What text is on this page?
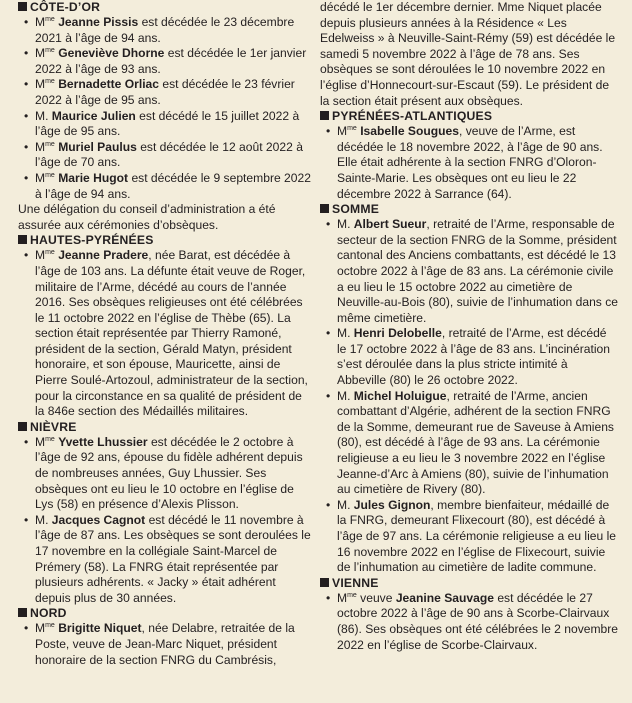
CÔTE-D’OR

• $M^{me}$ Jeanne Pissis est décédée le 23 décembre 2021 à l’âge de 94 ans.
• $M^{me}$ Geneviève Dhorne est décédée le 1er janvier 2022 à l’âge de 93 ans.
• $M^{me}$ Bernadette Orliac est décédée le 23 février 2022 à l’âge de 95 ans.
• M. Maurice Julien est décédé le 15 juillet 2022 à l’âge de 95 ans.
• $M^{me}$ Muriel Paulus est décédée le 12 août 2022 à l’âge de 70 ans.
• $M^{me}$ Marie Hugot est décédée le 9 septembre 2022 à l’âge de 94 ans.

Une délégation du conseil d’administration a été assurée aux cérémonies d’obsèques.

HAUTES-PYRÉNÉES

• $M^{me}$ Jeanne Pradere, née Barat, est décédée à l’âge de 103 ans. La défunte était veuve de Roger, militaire de l’Arme, décédé au cours de l’année 2016. Ses obsèques religieuses ont été célébrées le 11 octobre 2022 en l’église de Thèbe (65). La section était représentée par Thierry Ramoné, président de la section, Gérald Matyn, président honoraire, et son épouse, Mauricette, ainsi de Pierre Soulé-Artozoul, administrateur de la section, pour la circonstance en sa qualité de président de la 846e section des Médaillés militaires.

NIÈVRE

• $M^{me}$ Yvette Lhussier est décédée le 2 octobre à l’âge de 92 ans, épouse du fidèle adhérent depuis de nombreuses années, Guy Lhussier. Ses obsèques ont eu lieu le 10 octobre en l’église de Lys (58) en présence d’Alexis Plisson.
• M. Jacques Cagnot est décédé le 11 novembre à l’âge de 87 ans. Les obsèques se sont deroulées le 17 novembre en la collégiale Saint-Marcel de Prémery (58). La FNRG était représentée par plusieurs adhérents. « Jacky » était adhérent depuis plus de 30 années.

NORD

• $M^{me}$ Brigitte Niquet, née Delabre, retraitée de la Poste, veuve de Jean-Marc Niquet, président honoraire de la section FNRG du Cambrésis,

décédé le 1er décembre dernier. Mme Niquet placée depuis plusieurs années à la Résidence « Les Edelweiss » à Neuville-Saint-Rémy (59) est décédée le samedi 5 novembre 2022 à l’âge de 78 ans. Ses obsèques se sont déroulées le 10 novembre 2022 en l’église d’Honnecourt-sur-Escaut (59). Le président de la section était présent aux obsèques.

PYRÉNÉES-ATLANTIQUES

• $M^{me}$ Isabelle Sougues, veuve de l’Arme, est décédée le 18 novembre 2022, à l’âge de 90 ans. Elle était adhérente à la section FNRG d’Oloron-Sainte-Marie. Les obsèques ont eu lieu le 22 décembre 2022 à Sarrance (64).

SOMME

• M. Albert Sueur, retraité de l’Arme, responsable de secteur de la section FNRG de la Somme, président cantonal des Anciens combattants, est décédé le 13 octobre 2022 à l’âge de 83 ans. La cérémonie civile a eu lieu le 15 octobre 2022 au cimetière de Neuville-au-Bois (80), suivie de l’inhumation dans ce même cimetière.
• M. Henri Delobelle, retraité de l’Arme, est décédé le 17 octobre 2022 à l’âge de 83 ans. L’incinération s’est déroulée dans la plus stricte intimité à Abbeville (80) le 26 octobre 2022.
• M. Michel Holuigue, retraité de l’Arme, ancien combattant d’Algérie, adhérent de la section FNRG de la Somme, demeurant rue de Saveuse à Amiens (80), est décédé à l’âge de 93 ans. La cérémonie religieuse a eu lieu le 3 novembre 2022 en l’église Jeanne-d’Arc à Amiens (80), suivie de l’inhumation au cimetière de Rivery (80).
• M. Jules Gignon, membre bienfaiteur, médaillé de la FNRG, demeurant Flixecourt (80), est décédé à l’âge de 97 ans. La cérémonie religieuse a eu lieu le 16 novembre 2022 en l’église de Flixecourt, suivie de l’inhumation au cimetière de ladite commune.

VIENNE

• $M^{me}$ veuve Jeanine Sauvage est décédée le 27 octobre 2022 à l’âge de 90 ans à Scorbe-Clairvaux (86). Ses obsèques ont été célébrées le 2 novembre 2022 en l’église de Scorbe-Clairvaux.
